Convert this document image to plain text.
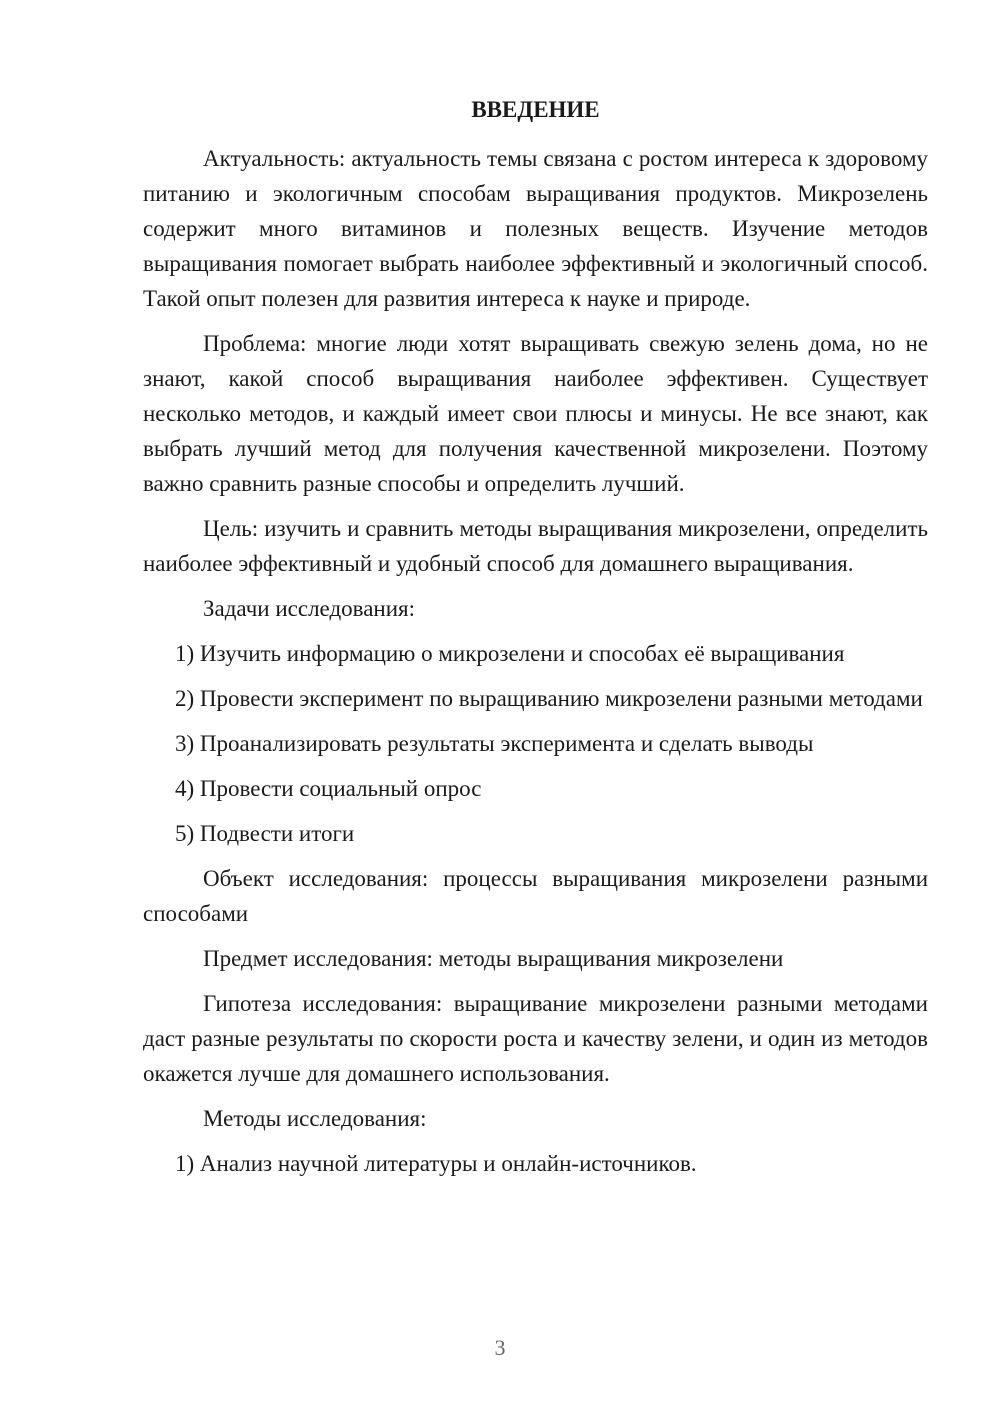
ВВЕДЕНИЕ

Актуальность: актуальность темы связана с ростом интереса к здоровому питанию и экологичным способам выращивания продуктов. Микрозелень содержит много витаминов и полезных веществ. Изучение методов выращивания помогает выбрать наиболее эффективный и экологичный способ. Такой опыт полезен для развития интереса к науке и природе.

Проблема: многие люди хотят выращивать свежую зелень дома, но не знают, какой способ выращивания наиболее эффективен. Существует несколько методов, и каждый имеет свои плюсы и минусы. Не все знают, как выбрать лучший метод для получения качественной микрозелени. Поэтому важно сравнить разные способы и определить лучший.

Цель: изучить и сравнить методы выращивания микрозелени, определить наиболее эффективный и удобный способ для домашнего выращивания.

Задачи исследования:

1) Изучить информацию о микрозелени и способах её выращивания

2) Провести эксперимент по выращиванию микрозелени разными методами

3) Проанализировать результаты эксперимента и сделать выводы

4) Провести социальный опрос

5) Подвести итоги

Объект исследования: процессы выращивания микрозелени разными способами

Предмет исследования: методы выращивания микрозелени

Гипотеза исследования: выращивание микрозелени разными методами даст разные результаты по скорости роста и качеству зелени, и один из методов окажется лучше для домашнего использования.

Методы исследования:

1) Анализ научной литературы и онлайн-источников.

3
